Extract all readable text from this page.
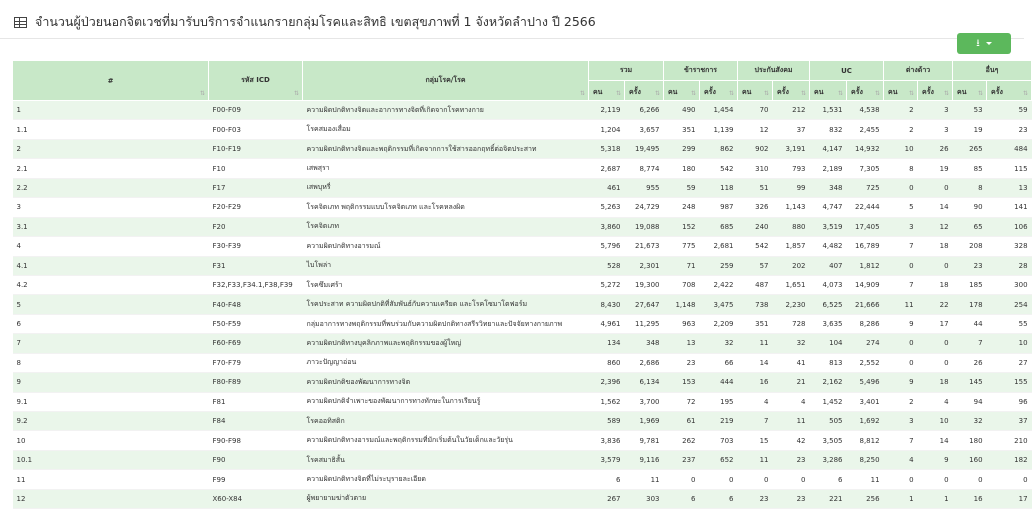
จำนวนผู้ป่วยนอกจิตเวชที่มารับบริการจำแนกรายกลุ่มโรคและสิทธิ เขตสุขภาพที่ 1 จังหวัดลำปาง ปี 2566
⭳
#
⇅	รหัส ICD
⇅	กลุ่มโรค/โรค
⇅	รวม		ข้าราชการ		ประกันสังคม		UC		ต่างด้าว		อื่นๆ	

			คน ⇅	ครั้ง ⇅	คน ⇅	ครั้ง ⇅	คน ⇅	ครั้ง ⇅	คน ⇅	ครั้ง ⇅	คน ⇅	ครั้ง ⇅	คน ⇅	ครั้ง ⇅

1	F00-F09	ความผิดปกติทางจิตและอาการทางจิตที่เกิดจากโรคทางกาย	2,119	6,266	490	1,454	70	212	1,531	4,538	2	3	53	59
1.1	F00-F03	โรคสมองเสื่อม	1,204	3,657	351	1,139	12	37	832	2,455	2	3	19	23
2	F10-F19	ความผิดปกติทางจิตและพฤติกรรมที่เกิดจากการใช้สารออกฤทธิ์ต่อจิตประสาท	5,318	19,495	299	862	902	3,191	4,147	14,932	10	26	265	484
2.1	F10	เสพสุรา	2,687	8,774	180	542	310	793	2,189	7,305	8	19	85	115
2.2	F17	เสพบุหรี่	461	955	59	118	51	99	348	725	0	0	8	13
3	F20-F29	โรคจิตเภท พฤติกรรมแบบโรคจิตเภท และโรคหลงผิด	5,263	24,729	248	987	326	1,143	4,747	22,444	5	14	90	141
3.1	F20	โรคจิตเภท	3,860	19,088	152	685	240	880	3,519	17,405	3	12	65	106
4	F30-F39	ความผิดปกติทางอารมณ์	5,796	21,673	775	2,681	542	1,857	4,482	16,789	7	18	208	328
4.1	F31	ไบโพล่า	528	2,301	71	259	57	202	407	1,812	0	0	23	28
4.2	F32,F33,F34.1,F38,F39	โรคซึมเศร้า	5,272	19,300	708	2,422	487	1,651	4,073	14,909	7	18	185	300
5	F40-F48	โรคประสาท ความผิดปกติที่สัมพันธ์กับความเครียด และโรคโซมาโตฟอร์ม	8,430	27,647	1,148	3,475	738	2,230	6,525	21,666	11	22	178	254
6	F50-F59	กลุ่มอาการทางพฤติกรรมที่พบร่วมกับความผิดปกติทางสรีรวิทยาและปัจจัยทางกายภาพ	4,961	11,295	963	2,209	351	728	3,635	8,286	9	17	44	55
7	F60-F69	ความผิดปกติทางบุคลิกภาพและพฤติกรรมของผู้ใหญ่	134	348	13	32	11	32	104	274	0	0	7	10
8	F70-F79	ภาวะปัญญาอ่อน	860	2,686	23	66	14	41	813	2,552	0	0	26	27
9	F80-F89	ความผิดปกติของพัฒนาการทางจิต	2,396	6,134	153	444	16	21	2,162	5,496	9	18	145	155
9.1	F81	ความผิดปกติจำเพาะของพัฒนาการทางทักษะในการเรียนรู้	1,562	3,700	72	195	4	4	1,452	3,401	2	4	94	96
9.2	F84	โรคออทิสติก	589	1,969	61	219	7	11	505	1,692	3	10	32	37
10	F90-F98	ความผิดปกติทางอารมณ์และพฤติกรรมที่มักเริ่มต้นในวัยเด็กและวัยรุ่น	3,836	9,781	262	703	15	42	3,505	8,812	7	14	180	210
10.1	F90	โรคสมาธิสั้น	3,579	9,116	237	652	11	23	3,286	8,250	4	9	160	182
11	F99	ความผิดปกติทางจิตที่ไม่ระบุรายละเอียด	6	11	0	0	0	0	6	11	0	0	0	0
12	X60-X84	ผู้พยายามฆ่าตัวตาย	267	303	6	6	23	23	221	256	1	1	16	17
